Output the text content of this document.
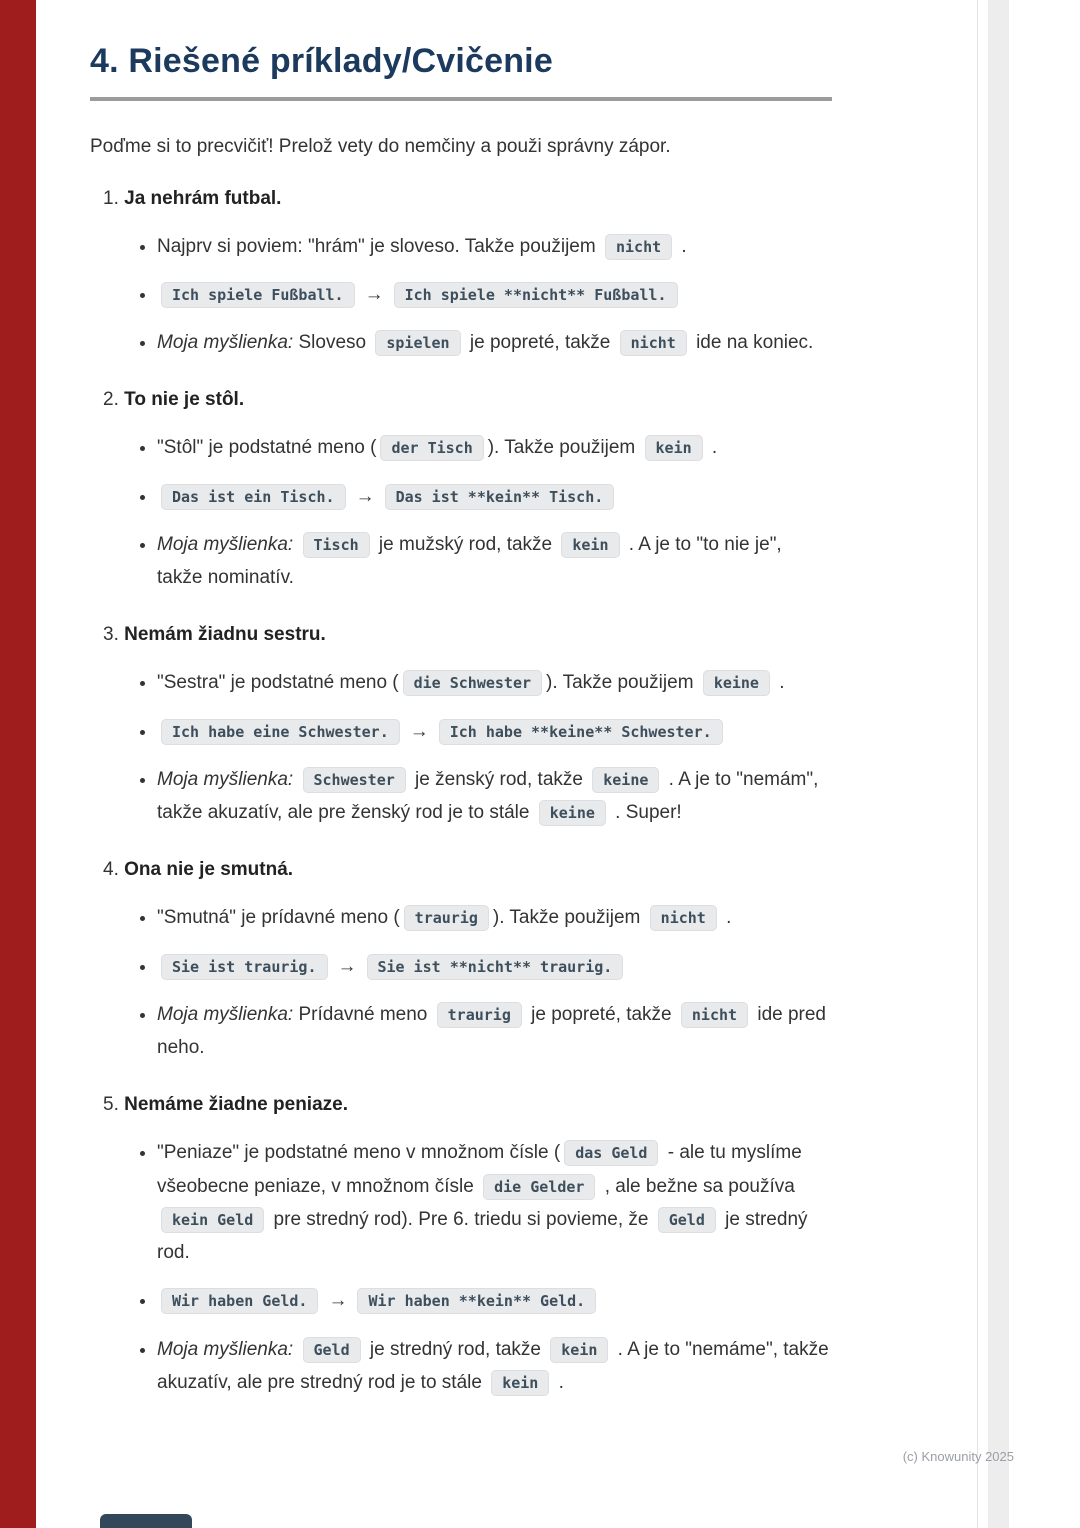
4. Riešené príklady/Cvičenie

Poďme si to precvičiť! Prelož vety do nemčiny a použi správny zápor.

1. Ja nehrám futbal.
• Najprv si poviem: "hrám" je sloveso. Takže použijem nicht .
• Ich spiele Fußball. → Ich spiele **nicht** Fußball.
• Moja myšlienka: Sloveso spielen je popreté, takže nicht ide na koniec.
2. To nie je stôl.
• "Stôl" je podstatné meno ( der Tisch ). Takže použijem kein .
• Das ist ein Tisch. → Das ist **kein** Tisch.
• Moja myšlienka: Tisch je mužský rod, takže kein . A je to "to nie je", takže nominatív.
3. Nemám žiadnu sestru.
• "Sestra" je podstatné meno ( die Schwester ). Takže použijem keine .
• Ich habe eine Schwester. → Ich habe **keine** Schwester.
• Moja myšlienka: Schwester je ženský rod, takže keine . A je to "nemám", takže akuzatív, ale pre ženský rod je to stále keine . Super!
4. Ona nie je smutná.
• "Smutná" je prídavné meno ( traurig ). Takže použijem nicht .
• Sie ist traurig. → Sie ist **nicht** traurig.
• Moja myšlienka: Prídavné meno traurig je popreté, takže nicht ide pred neho.
5. Nemáme žiadne peniaze.
• "Peniaze" je podstatné meno v množnom čísle ( das Geld - ale tu myslíme všeobecne peniaze, v množnom čísle die Gelder , ale bežne sa používa kein Geld pre stredný rod). Pre 6. triedu si povieme, že Geld je stredný rod.
• Wir haben Geld. → Wir haben **kein** Geld.
• Moja myšlienka: Geld je stredný rod, takže kein . A je to "nemáme", takže akuzatív, ale pre stredný rod je to stále kein .
(c) Knowunity 2025
